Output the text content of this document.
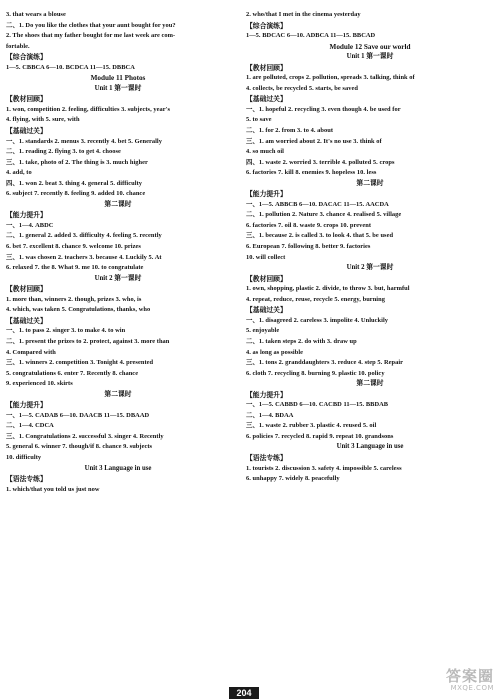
3. that wears a blouse
二、1. Do you like the clothes that your aunt bought for you?
2. The shoes that my father bought for me last week are com-
fortable.
【综合演练】
1—5. CBBCA 6—10. BCDCA 11—15. DBBCA
Module 11 Photos
Unit 1 第一课时
【教材回顾】
1. won, competition 2. feeling, difficulties 3. subjects, year's
4. flying, with 5. sure, with
【基础过关】
一、1. standards 2. menus 3. recently 4. bet 5. Generally
二、1. reading 2. flying 3. to get 4. choose
三、1. take, photo of 2. The thing is 3. much higher
4. add, to
四、1. won 2. beat 3. thing 4. general 5. difficulty
6. subject 7. recently 8. feeling 9. added 10. chance
第二课时
【能力提升】
一、1—4. ABDC
二、1. general 2. added 3. difficulty 4. feeling 5. recently
6. bet 7. excellent 8. chance 9. welcome 10. prizes
三、1. was chosen 2. teachers 3. because 4. Luckily 5. At
6. relaxed 7. the 8. What 9. me 10. to congratulate
Unit 2 第一课时
【教材回顾】
1. more than, winners 2. though, prizes 3. who, is
4. which, was taken 5. Congratulations, thanks, who
【基础过关】
一、1. to pass 2. singer 3. to make 4. to win
二、1. present the prizes to 2. protect, against 3. more than
4. Compared with
三、1. winners 2. competition 3. Tonight 4. presented
5. congratulations 6. enter 7. Recently 8. chance
9. experienced 10. skirts
第二课时
【能力提升】
一、1—5. CADAB 6—10. DAACB 11—15. DBAAD
二、1—4. CDCA
三、1. Congratulations 2. successful 3. singer 4. Recently
5. general 6. winner 7. though/if 8. chance 9. subjects
10. difficulty
Unit 3 Language in use
【语法专练】
1. which/that you told us just now
2. who/that I met in the cinema yesterday
【综合演练】
1—5. BDCAC 6—10. ADBCA 11—15. BBCAD
Module 12 Save our world
Unit 1 第一课时
【教材回顾】
1. are polluted, crops 2. pollution, spreads 3. talking, think of
4. collects, be recycled 5. starts, be saved
【基础过关】
一、1. hopeful 2. recycling 3. even though 4. be used for
5. to save
二、1. for 2. from 3. to 4. about
三、1. am worried about 2. It's no use 3. think of
4. so much oil
四、1. waste 2. worried 3. terrible 4. polluted 5. crops
6. factories 7. kill 8. enemies 9. hopeless 10. less
第二课时
【能力提升】
一、1—5. ABBCB 6—10. DACAC 11—15. AACDA
二、1. pollution 2. Nature 3. chance 4. realised 5. village
6. factories 7. oil 8. waste 9. crops 10. prevent
三、1. because 2. is called 3. to look 4. that 5. be used
6. European 7. following 8. better 9. factories
10. will collect
Unit 2 第一课时
【教材回顾】
1. own, shopping, plastic 2. divide, to throw 3. but, harmful
4. repeat, reduce, reuse, recycle 5. energy, burning
【基础过关】
一、1. disagreed 2. careless 3. impolite 4. Unluckily
5. enjoyable
二、1. taken steps 2. do with 3. draw up
4. as long as possible
三、1. tons 2. granddaughters 3. reduce 4. step 5. Repair
6. cloth 7. recycling 8. burning 9. plastic 10. policy
第二课时
【能力提升】
一、1—5. CABBD 6—10. CACBD 11—15. BBDAB
二、1—4. BDAA
三、1. waste 2. rubber 3. plastic 4. reused 5. oil
6. policies 7. recycled 8. rapid 9. repeat 10. grandsons
Unit 3 Language in use
【语法专练】
1. tourists 2. discussion 3. safety 4. impossible 5. careless
6. unhappy 7. widely 8. peacefully
204
答案圈
MXQE.COM
